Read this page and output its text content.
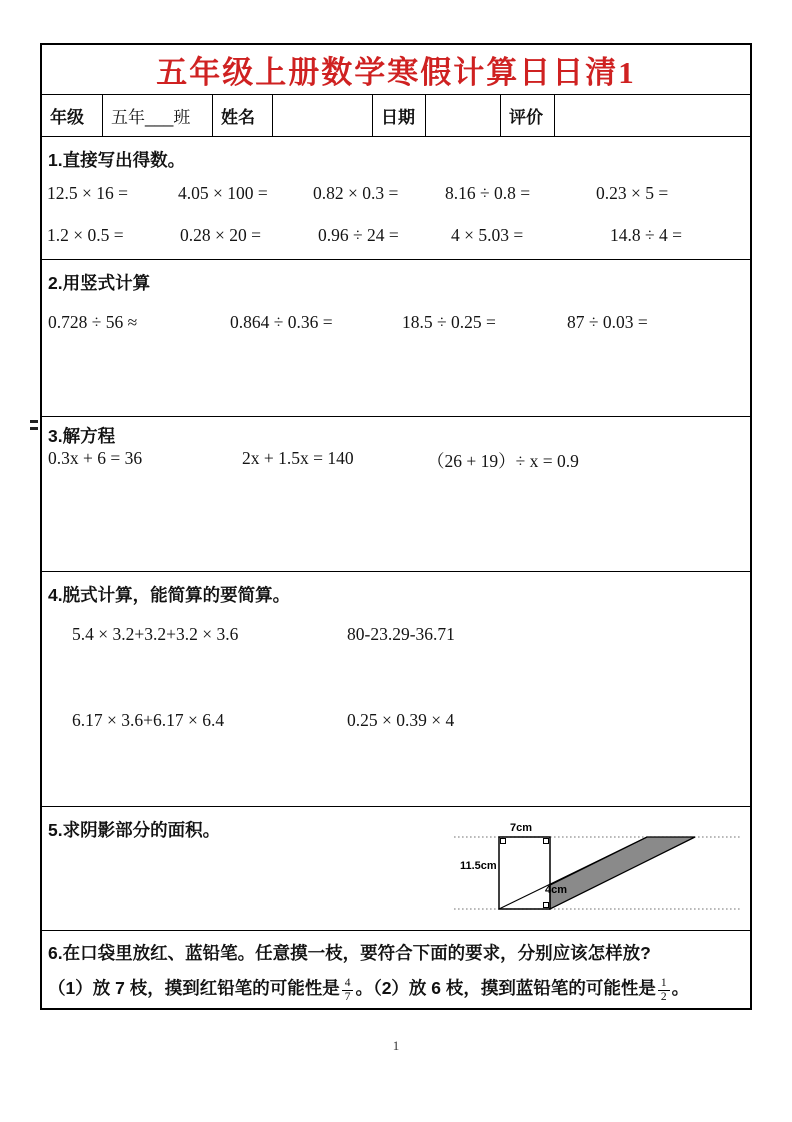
五年级上册数学寒假计算日日清1
年级	五年___班	姓名	日期	评价
1.直接写出得数。
12.5 × 16 =	4.05 × 100 =	0.82 × 0.3 =	8.16 ÷ 0.8 =	0.23 × 5 =
1.2 × 0.5 =	0.28 × 20 =	0.96 ÷ 24 =	4 × 5.03 =	14.8 ÷ 4 =
2.用竖式计算
0.728 ÷ 56 ≈	0.864 ÷ 0.36 =	18.5 ÷ 0.25 =	87 ÷ 0.03 =
3.解方程
0.3x + 6 = 36	2x + 1.5x = 140	（26 + 19）÷ x = 0.9
4.脱式计算，能简算的要简算。
5.4 × 3.2+3.2+3.2 × 3.6	80-23.29-36.71
6.17 × 3.6+6.17 × 6.4	0.25 × 0.39 × 4
5.求阴影部分的面积。	7cm
11.5cm
4cm
6.在口袋里放红、蓝铅笔。任意摸一枝，要符合下面的要求，分别应该怎样放?
（1）放 7 枝，摸到红铅笔的可能性是 $\frac{4}{7}$ 。（2）放 6 枝，摸到蓝铅笔的可能性是 $\frac{1}{2}$ 。
1
